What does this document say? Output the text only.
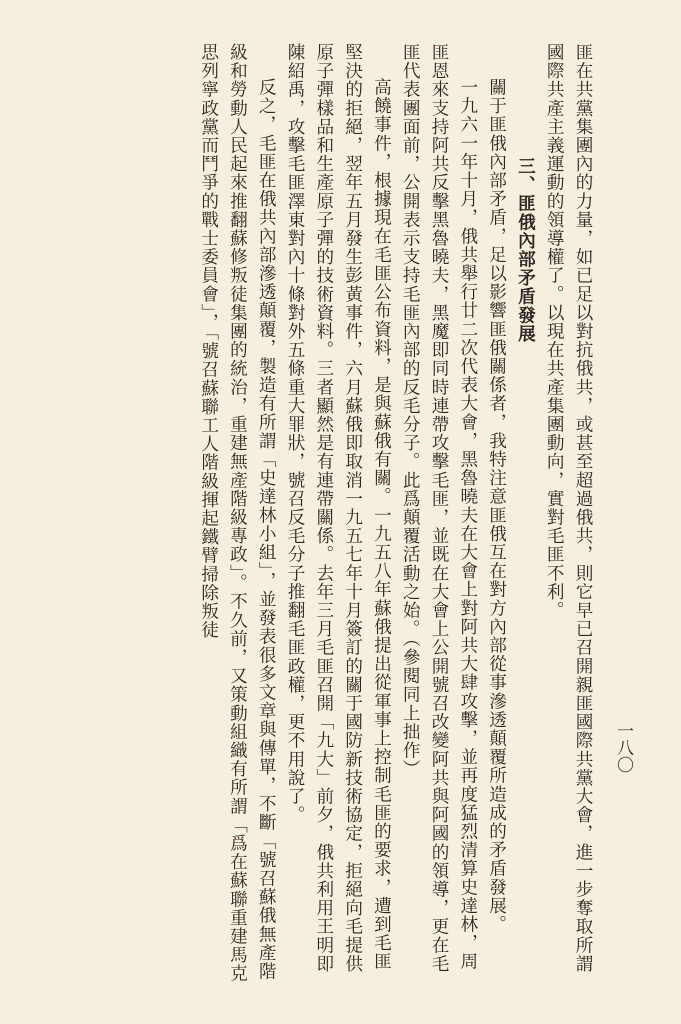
一八〇

匪在共黨集團內的力量，如已足以對抗俄共，或甚至超過俄共，則它早已召開親匪國際共黨大會，進一步奪取所謂國際共產主義運動的領導權了。以現在共產集團動向，實對毛匪不利。

三、匪俄內部矛盾發展

關于匪俄內部矛盾，足以影響匪俄關係者，我特注意匪俄互在對方內部從事滲透顛覆所造成的矛盾發展。

一九六一年十月，俄共舉行廿二次代表大會，黑魯曉夫在大會上對阿共大肆攻擊，並再度猛烈清算史達林，周匪恩來支持阿共反擊黑魯曉夫，黑魔即同時連帶攻擊毛匪，並既在大會上公開號召改變阿共與阿國的領導，更在毛匪代表團面前，公開表示支持毛匪內部的反毛分子。此爲顛覆活動之始。（參閱同上拙作）

高饒事件，根據現在毛匪公布資料，是與蘇俄有關。一九五八年蘇俄提出從軍事上控制毛匪的要求，遭到毛匪堅決的拒絕，翌年五月發生彭黃事件，六月蘇俄即取消一九五七年十月簽訂的關于國防新技術協定，拒絕向毛提供原子彈樣品和生產原子彈的技術資料。三者顯然是有連帶關係。去年三月毛匪召開「九大」前夕，俄共利用王明即陳紹禹，攻擊毛匪澤東對內十條對外五條重大罪狀，號召反毛分子推翻毛匪政權，更不用說了。

反之，毛匪在俄共內部滲透顛覆，製造有所謂「史達林小組」，並發表很多文章與傳單，不斷「號召蘇俄無產階級和勞動人民起來推翻蘇修叛徒集團的統治，重建無產階級專政」。不久前，又策動組織有所謂「爲在蘇聯重建馬克思列寧政黨而鬥爭的戰士委員會」，「號召蘇聯工人階級揮起鐵臂掃除叛徒
